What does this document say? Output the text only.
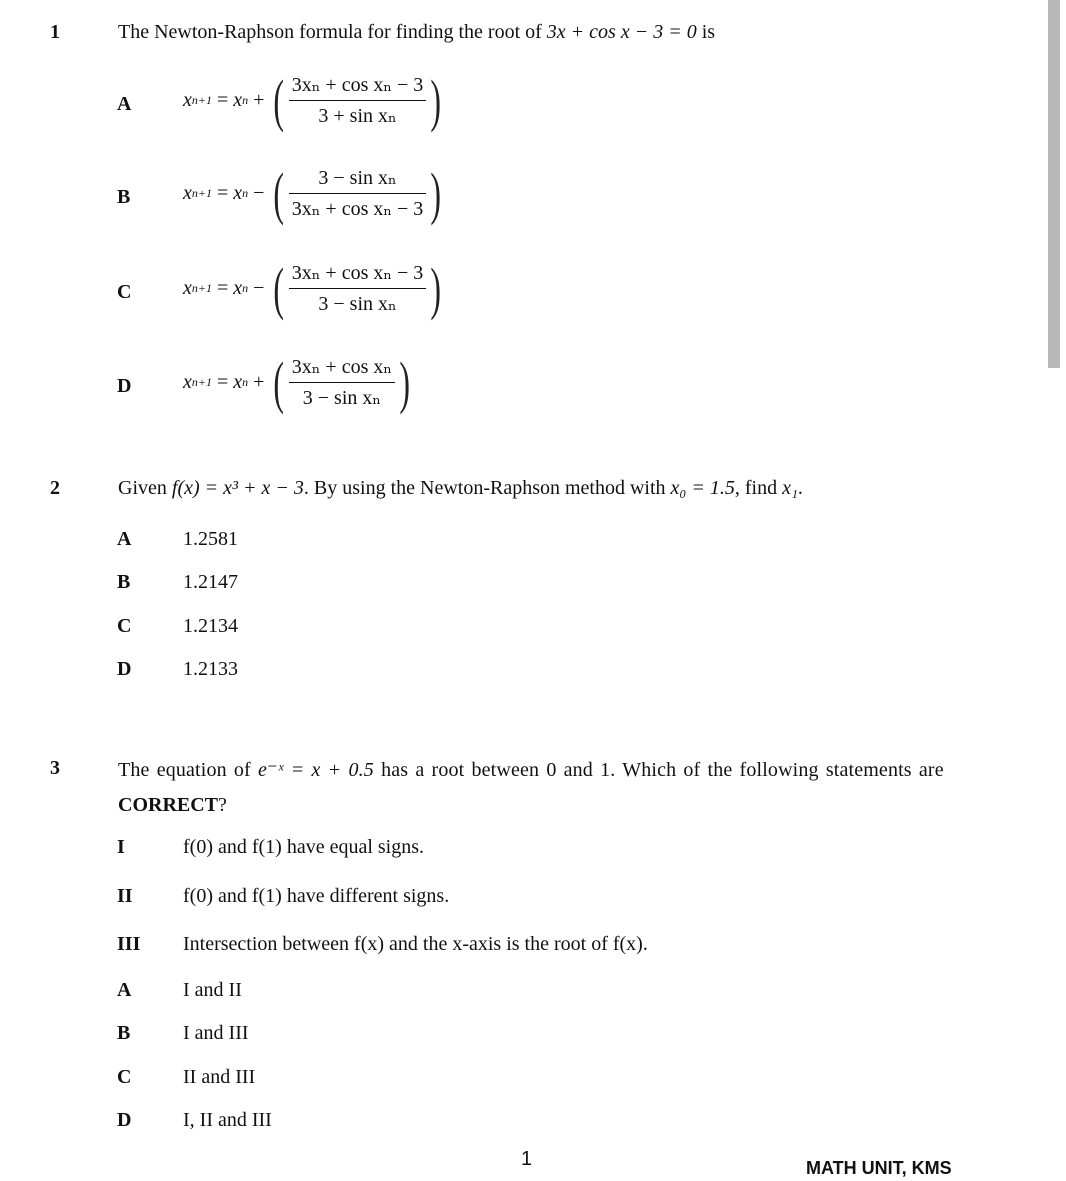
1	The Newton-Raphson formula for finding the root of 3x + cos x − 3 = 0 is
A	x n+1 = x n + ( $\frac{\text{3xₙ + cos xₙ − 3}}{\text{3 + sin xₙ}}$ )
B	x n+1 = x n − ( $\frac{\text{3 − sin xₙ}}{\text{3xₙ + cos xₙ − 3}}$ )
C	x n+1 = x n − ( $\frac{\text{3xₙ + cos xₙ − 3}}{\text{3 − sin xₙ}}$ )
D	x n+1 = x n + ( $\frac{\text{3xₙ + cos xₙ}}{\text{3 − sin xₙ}}$ )
2	Given f(x) = x³ + x − 3. By using the Newton-Raphson method with x₀ = 1.5, find x₁.
A	1.2581
B	1.2147
C	1.2134
D	1.2133
3	The equation of e⁻ˣ = x + 0.5 has a root between 0 and 1. Which of the following statements are
CORRECT?
I	f(0) and f(1) have equal signs.
II	f(0) and f(1) have different signs.
III Intersection between f(x) and the x-axis is the root of f(x).
A	I and II
B	I and III
C	II and III
D	I, II and III
1	MATH UNIT, KMS
